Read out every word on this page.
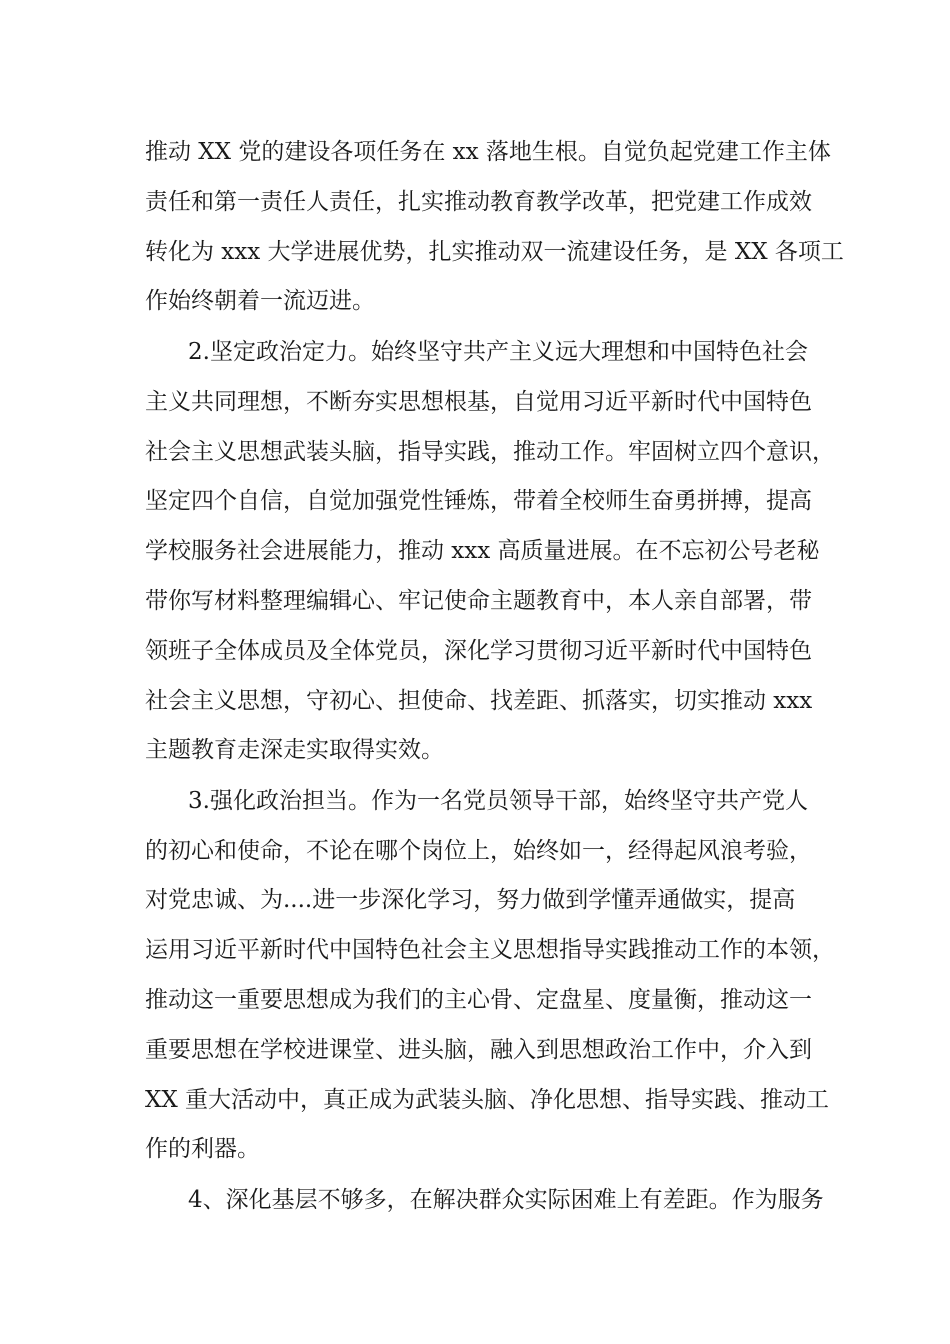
推动 XX 党的建设各项任务在 xx 落地生根。自觉负起党建工作主体
责任和第一责任人责任，扎实推动教育教学改革，把党建工作成效
转化为 xxx 大学进展优势，扎实推动双一流建设任务，是 XX 各项工
作始终朝着一流迈进。
2.坚定政治定力。始终坚守共产主义远大理想和中国特色社会
主义共同理想，不断夯实思想根基，自觉用习近平新时代中国特色
社会主义思想武装头脑，指导实践，推动工作。牢固树立四个意识，
坚定四个自信，自觉加强党性锤炼，带着全校师生奋勇拼搏，提高
学校服务社会进展能力，推动 xxx 高质量进展。在不忘初公号老秘
带你写材料整理编辑心、牢记使命主题教育中，本人亲自部署，带
领班子全体成员及全体党员，深化学习贯彻习近平新时代中国特色
社会主义思想，守初心、担使命、找差距、抓落实，切实推动 xxx
主题教育走深走实取得实效。
3.强化政治担当。作为一名党员领导干部，始终坚守共产党人
的初心和使命，不论在哪个岗位上，始终如一，经得起风浪考验，
对党忠诚、为....进一步深化学习，努力做到学懂弄通做实，提高
运用习近平新时代中国特色社会主义思想指导实践推动工作的本领，
推动这一重要思想成为我们的主心骨、定盘星、度量衡，推动这一
重要思想在学校进课堂、进头脑，融入到思想政治工作中，介入到
XX 重大活动中，真正成为武装头脑、净化思想、指导实践、推动工
作的利器。
4、深化基层不够多，在解决群众实际困难上有差距。作为服务
